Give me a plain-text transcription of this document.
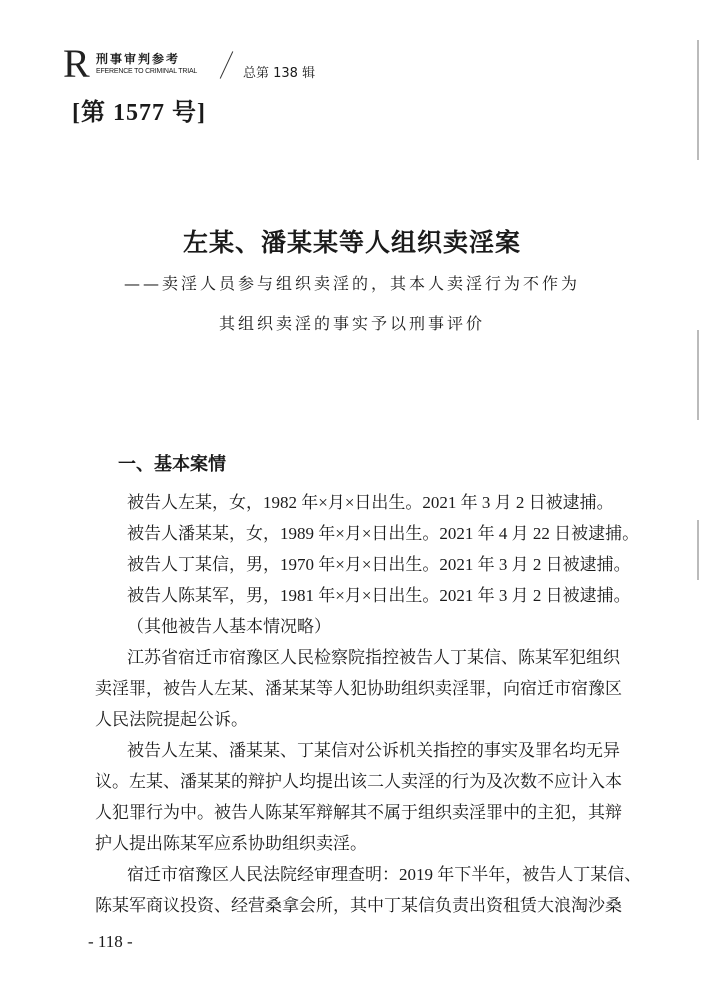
R 刑事审判参考
EFERENCE TO CRIMINAL TRIAL	总第 138 辑
[第 1577 号]
左某、潘某某等人组织卖淫案
——卖淫人员参与组织卖淫的，其本人卖淫行为不作为
其组织卖淫的事实予以刑事评价
一、基本案情
被告人左某，女，1982 年×月×日出生。2021 年 3 月 2 日被逮捕。
被告人潘某某，女，1989 年×月×日出生。2021 年 4 月 22 日被逮捕。
被告人丁某信，男，1970 年×月×日出生。2021 年 3 月 2 日被逮捕。
被告人陈某军，男，1981 年×月×日出生。2021 年 3 月 2 日被逮捕。
（其他被告人基本情况略）
江苏省宿迁市宿豫区人民检察院指控被告人丁某信、陈某军犯组织
卖淫罪，被告人左某、潘某某等人犯协助组织卖淫罪，向宿迁市宿豫区
人民法院提起公诉。
被告人左某、潘某某、丁某信对公诉机关指控的事实及罪名均无异
议。左某、潘某某的辩护人均提出该二人卖淫的行为及次数不应计入本
人犯罪行为中。被告人陈某军辩解其不属于组织卖淫罪中的主犯，其辩
护人提出陈某军应系协助组织卖淫。
宿迁市宿豫区人民法院经审理查明：2019 年下半年，被告人丁某信、
陈某军商议投资、经营桑拿会所，其中丁某信负责出资租赁大浪淘沙桑
- 118 -
